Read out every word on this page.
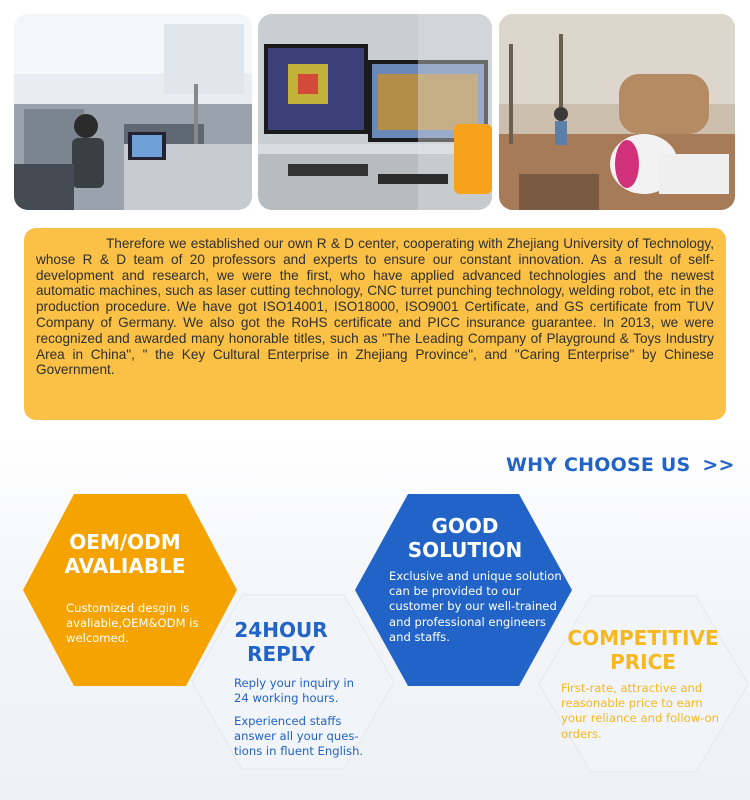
Therefore we established our own R & D center, cooperating with Zhejiang University of Technology, whose R & D team of 20 professors and experts to ensure our constant innovation. As a result of self-development and research, we were the first, who have applied advanced technologies and the newest automatic machines, such as laser cutting technology, CNC turret punching technology, welding robot, etc in the production procedure. We have got ISO14001, ISO18000, ISO9001 Certificate, and GS certificate from TUV Company of Germany. We also got the RoHS certificate and PICC insurance guarantee. In 2013, we were recognized and awarded many honorable titles, such as "The Leading Company of Playground & Toys Industry Area in China", " the Key Cultural Enterprise in Zhejiang Province", and "Caring Enterprise" by Chinese Government.

WHY CHOOSE US >>
OEM/ODM
AVALIABLE
Customized desgin is avaliable,OEM&ODM is welcomed.	24HOUR
REPLY
Reply your inquiry in 24 working hours.
Experienced staffs answer all your ques-tions in fluent English.
GOOD
SOLUTION
Exclusive and unique solution can be provided to our customer by our well-trained and professional engineers and staffs.	COMPETITIVE
PRICE
First-rate, attractive and reasonable price to earn your reliance and follow-on orders.
